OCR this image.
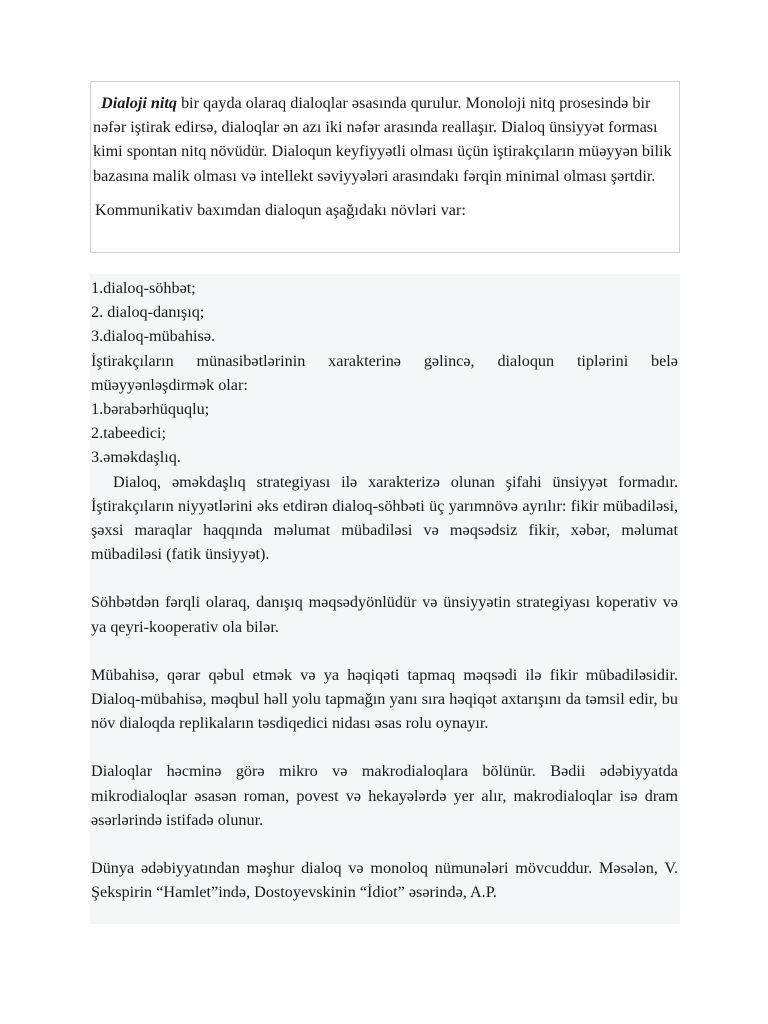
Dialoji nitq bir qayda olaraq dialoqlar əsasında qurulur. Monoloji nitq prosesində bir nəfər iştirak edirsə, dialoqlar ən azı iki nəfər arasında reallaşır. Dialoq ünsiyyət forması kimi spontan nitq növüdür. Dialoqun keyfiyyətli olması üçün iştirakçıların müəyyən bilik bazasına malik olması və intellekt səviyyələri arasındakı fərqin minimal olması şərtdir.

Kommunikativ baxımdan dialoqun aşağıdakı növləri var:

1.dialoq-söhbət;

2. dialoq-danışıq;

3.dialoq-mübahisə.

İştirakçıların münasibətlərinin xarakterinə gəlincə, dialoqun tiplərini belə müəyyənləşdirmək olar:

1.bərabərhüquqlu;

2.tabeedici;

3.əməkdaşlıq.

Dialoq, əməkdaşlıq strategiyası ilə xarakterizə olunan şifahi ünsiyyət formadır. İştirakçıların niyyətlərini əks etdirən dialoq-söhbəti üç yarımnövə ayrılır: fikir mübadiləsi, şəxsi maraqlar haqqında məlumat mübadiləsi və məqsədsiz fikir, xəbər, məlumat mübadiləsi (fatik ünsiyyət).

Söhbətdən fərqli olaraq, danışıq məqsədyönlüdür və ünsiyyətin strategiyası koperativ və ya qeyri-kooperativ ola bilər.

Mübahisə, qərar qəbul etmək və ya həqiqəti tapmaq məqsədi ilə fikir mübadiləsidir. Dialoq-mübahisə, məqbul həll yolu tapmağın yanı sıra həqiqət axtarışını da təmsil edir, bu növ dialoqda replikaların təsdiqedici nidası əsas rolu oynayır.

Dialoqlar həcminə görə mikro və makrodialoqlara bölünür. Bədii ədəbiyyatda mikrodialoqlar əsasən roman, povest və hekayələrdə yer alır, makrodialoqlar isə dram əsərlərində istifadə olunur.

Dünya ədəbiyyatından məşhur dialoq və monoloq nümunələri mövcuddur. Məsələn, V. Şekspirin “Hamlet”ində, Dostoyevskinin “İdiot” əsərində, A.P.
